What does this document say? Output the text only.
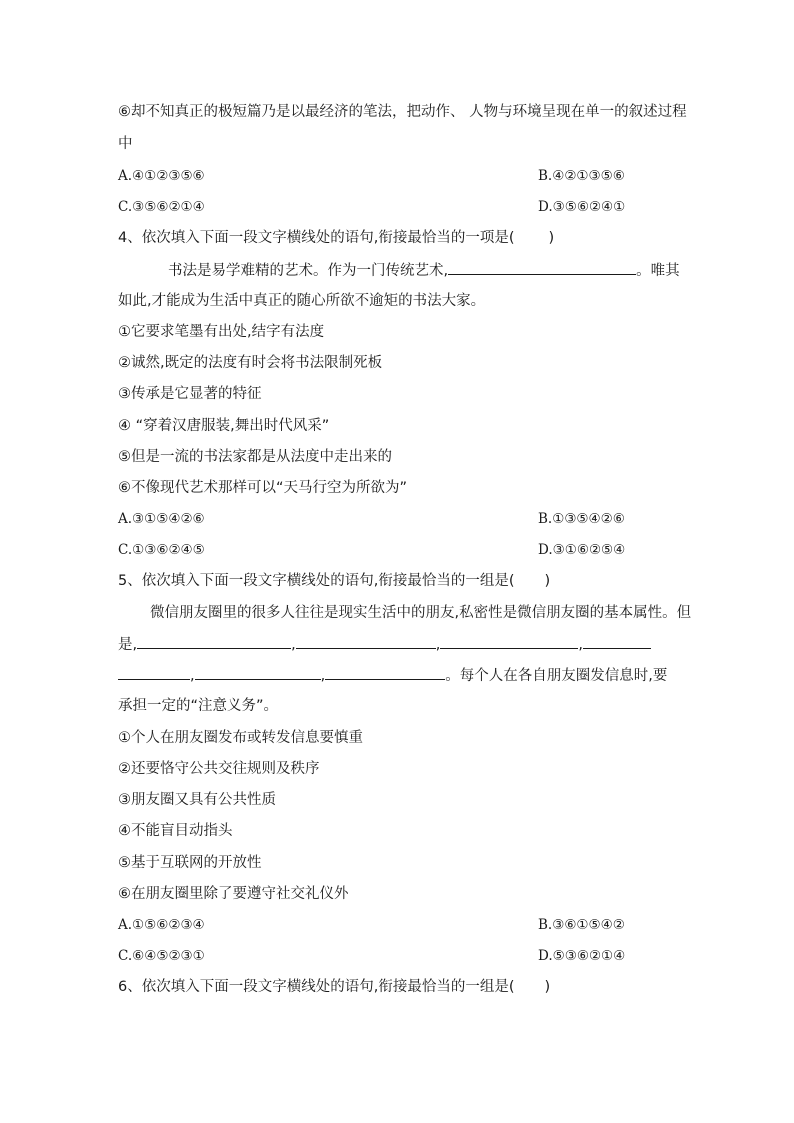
⑥却不知真正的极短篇乃是以最经济的笔法，把动作、 人物与环境呈现在单一的叙述过程
中
A.④①②③⑤⑥	B.④②①③⑤⑥
C.③⑤⑥②①④	D.③⑤⑥②④①
4、依次填入下面一段文字横线处的语句,衔接最恰当的一项是( )
书法是易学难精的艺术。作为一门传统艺术,	。唯其
如此,才能成为生活中真正的随心所欲不逾矩的书法大家。
①它要求笔墨有出处,结字有法度
②诚然,既定的法度有时会将书法限制死板
③传承是它显著的特征
④ “穿着汉唐服装,舞出时代风采”
⑤但是一流的书法家都是从法度中走出来的
⑥不像现代艺术那样可以“天马行空为所欲为”
A.③①⑤④②⑥	B.①③⑤④②⑥
C.①③⑥②④⑤	D.③①⑥②⑤④
5、依次填入下面一段文字横线处的语句,衔接最恰当的一组是( )
微信朋友圈里的很多人往往是现实生活中的朋友,私密性是微信朋友圈的基本属性。但
是,	,	,	,
,	,	。每个人在各自朋友圈发信息时,要
承担一定的“注意义务”。
①个人在朋友圈发布或转发信息要慎重
②还要恪守公共交往规则及秩序
③朋友圈又具有公共性质
④不能盲目动指头
⑤基于互联网的开放性
⑥在朋友圈里除了要遵守社交礼仪外
A.①⑤⑥②③④	B.③⑥①⑤④②
C.⑥④⑤②③①	D.⑤③⑥②①④
6、依次填入下面一段文字横线处的语句,衔接最恰当的一组是( )
